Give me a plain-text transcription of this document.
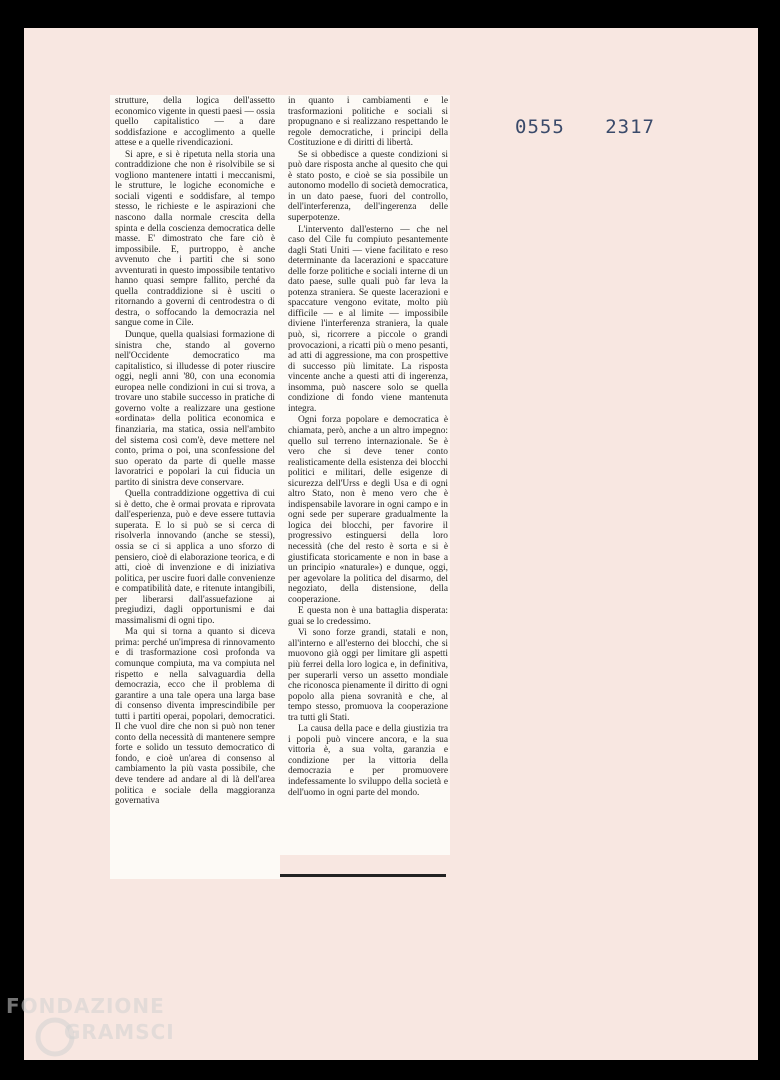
0555 2317

strutture, della logica dell'assetto economico vigente in questi paesi — ossia quello capitalistico — a dare soddisfazione e accoglimento a quelle attese e a quelle rivendicazioni.

Si apre, e si è ripetuta nella storia una contraddizione che non è risolvibile se si vogliono mantenere intatti i meccanismi, le strutture, le logiche economiche e sociali vigenti e soddisfare, al tempo stesso, le richieste e le aspirazioni che nascono dalla normale crescita della spinta e della coscienza democratica delle masse. E' dimostrato che fare ciò è impossibile. E, purtroppo, è anche avvenuto che i partiti che si sono avventurati in questo impossibile tentativo hanno quasi sempre fallito, perché da quella contraddizione si è usciti o ritornando a governi di centrodestra o di destra, o soffocando la democrazia nel sangue come in Cile.

Dunque, quella qualsiasi formazione di sinistra che, stando al governo nell'Occidente democratico ma capitalistico, si illudesse di poter riuscire oggi, negli anni '80, con una economia europea nelle condizioni in cui si trova, a trovare uno stabile successo in pratiche di governo volte a realizzare una gestione «ordinata» della politica economica e finanziaria, ma statica, ossia nell'ambito del sistema così com'è, deve mettere nel conto, prima o poi, una sconfessione del suo operato da parte di quelle masse lavoratrici e popolari la cui fiducia un partito di sinistra deve conservare.

Quella contraddizione oggettiva di cui si è detto, che è ormai provata e riprovata dall'esperienza, può e deve essere tuttavia superata. E lo si può se si cerca di risolverla innovando (anche se stessi), ossia se ci si applica a uno sforzo di pensiero, cioè di elaborazione teorica, e di atti, cioè di invenzione e di iniziativa politica, per uscire fuori dalle convenienze e compatibilità date, e ritenute intangibili, per liberarsi dall'assuefazione ai pregiudizi, dagli opportunismi e dai massimalismi di ogni tipo.

Ma qui si torna a quanto si diceva prima: perché un'impresa di rinnovamento e di trasformazione così profonda va comunque compiuta, ma va compiuta nel rispetto e nella salvaguardia della democrazia, ecco che il problema di garantire a una tale opera una larga base di consenso diventa imprescindibile per tutti i partiti operai, popolari, democratici. Il che vuol dire che non si può non tener conto della necessità di mantenere sempre forte e solido un tessuto democratico di fondo, e cioè un'area di consenso al cambiamento la più vasta possibile, che deve tendere ad andare al di là dell'area politica e sociale della maggioranza governativa

in quanto i cambiamenti e le trasformazioni politiche e sociali si propugnano e si realizzano respettando le regole democratiche, i principi della Costituzione e di diritti di libertà.

Se si obbedisce a queste condizioni si può dare risposta anche al quesito che qui è stato posto, e cioè se sia possibile un autonomo modello di società democratica, in un dato paese, fuori del controllo, dell'interferenza, dell'ingerenza delle superpotenze.

L'intervento dall'esterno — che nel caso del Cile fu compiuto pesantemente dagli Stati Uniti — viene facilitato e reso determinante da lacerazioni e spaccature delle forze politiche e sociali interne di un dato paese, sulle quali può far leva la potenza straniera. Se queste lacerazioni e spaccature vengono evitate, molto più difficile — e al limite — impossibile diviene l'interferenza straniera, la quale può, sì, ricorrere a piccole o grandi provocazioni, a ricatti più o meno pesanti, ad atti di aggressione, ma con prospettive di successo più limitate. La risposta vincente anche a questi atti di ingerenza, insomma, può nascere solo se quella condizione di fondo viene mantenuta integra.

Ogni forza popolare e democratica è chiamata, però, anche a un altro impegno: quello sul terreno internazionale. Se è vero che si deve tener conto realisticamente della esistenza dei blocchi politici e militari, delle esigenze di sicurezza dell'Urss e degli Usa e di ogni altro Stato, non è meno vero che è indispensabile lavorare in ogni campo e in ogni sede per superare gradualmente la logica dei blocchi, per favorire il progressivo estinguersi della loro necessità (che del resto è sorta e si è giustificata storicamente e non in base a un principio «naturale») e dunque, oggi, per agevolare la politica del disarmo, del negoziato, della distensione, della cooperazione.

E questa non è una battaglia disperata: guai se lo credessimo.

Vi sono forze grandi, statali e non, all'interno e all'esterno dei blocchi, che si muovono già oggi per limitare gli aspetti più ferrei della loro logica e, in definitiva, per superarli verso un assetto mondiale che riconosca pienamente il diritto di ogni popolo alla piena sovranità e che, al tempo stesso, promuova la cooperazione tra tutti gli Stati.

La causa della pace e della giustizia tra i popoli può vincere ancora, e la sua vittoria è, a sua volta, garanzia e condizione per la vittoria della democrazia e per promuovere indefessamente lo sviluppo della società e dell'uomo in ogni parte del mondo.

FONDAZIONE
GRAMSCI
